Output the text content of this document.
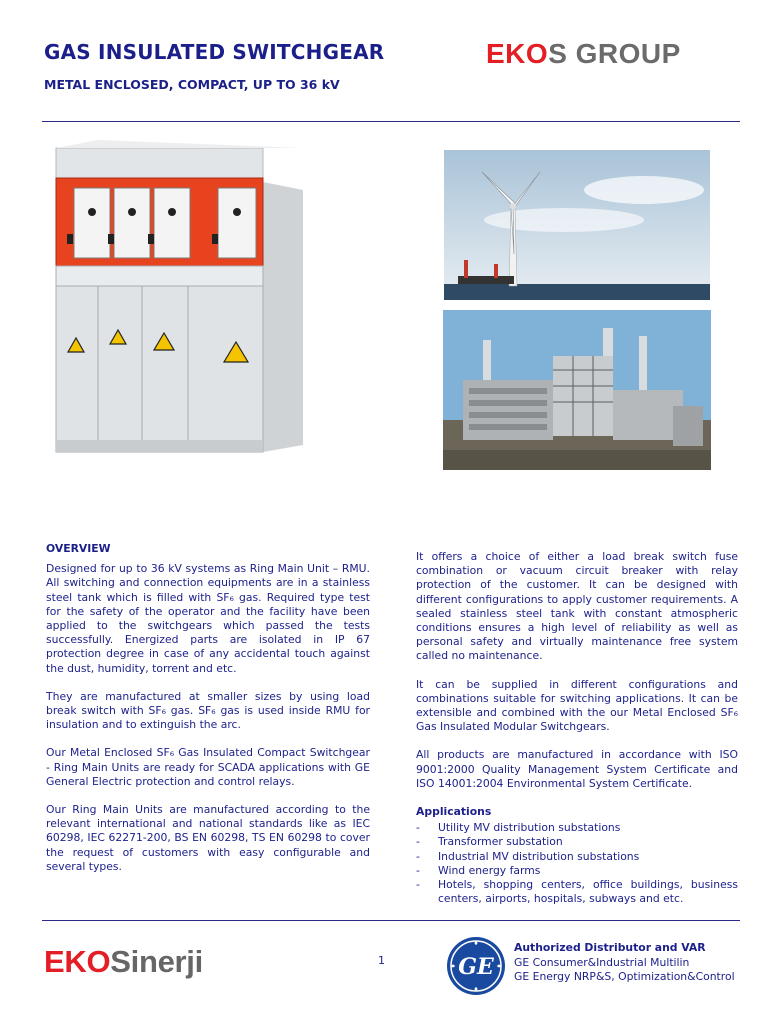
GAS INSULATED SWITCHGEAR
METAL ENCLOSED, COMPACT, UP TO 36 kV
EKOS GROUP
OVERVIEW

Designed for up to 36 kV systems as Ring Main Unit – RMU. All switching and connection equipments are in a stainless steel tank which is filled with SF₆ gas. Required type test for the safety of the operator and the facility have been applied to the switchgears which passed the tests successfully. Energized parts are isolated in IP 67 protection degree in case of any accidental touch against the dust, humidity, torrent and etc.

They are manufactured at smaller sizes by using load break switch with SF₆ gas. SF₆ gas is used inside RMU for insulation and to extinguish the arc.

Our Metal Enclosed SF₆ Gas Insulated Compact Switchgear - Ring Main Units are ready for SCADA applications with GE General Electric protection and control relays.

Our Ring Main Units are manufactured according to the relevant international and national standards like as IEC 60298, IEC 62271-200, BS EN 60298, TS EN 60298 to cover the request of customers with easy configurable and several types.

It offers a choice of either a load break switch fuse combination or vacuum circuit breaker with relay protection of the customer. It can be designed with different configurations to apply customer requirements. A sealed stainless steel tank with constant atmospheric conditions ensures a high level of reliability as well as personal safety and virtually maintenance free system called no maintenance.

It can be supplied in different configurations and combinations suitable for switching applications. It can be extensible and combined with the our Metal Enclosed SF₆ Gas Insulated Modular Switchgears.

All products are manufactured in accordance with ISO 9001:2000 Quality Management System Certificate and ISO 14001:2004 Environmental System Certificate.

Applications
- Utility MV distribution substations
- Transformer substation
- Industrial MV distribution substations
- Wind energy farms
- Hotels, shopping centers, office buildings, business centers, airports, hospitals, subways and etc.
EKOSinerji	1	GE
Authorized Distributor and VAR
GE Consumer&Industrial Multilin
GE Energy NRP&S, Optimization&Control
